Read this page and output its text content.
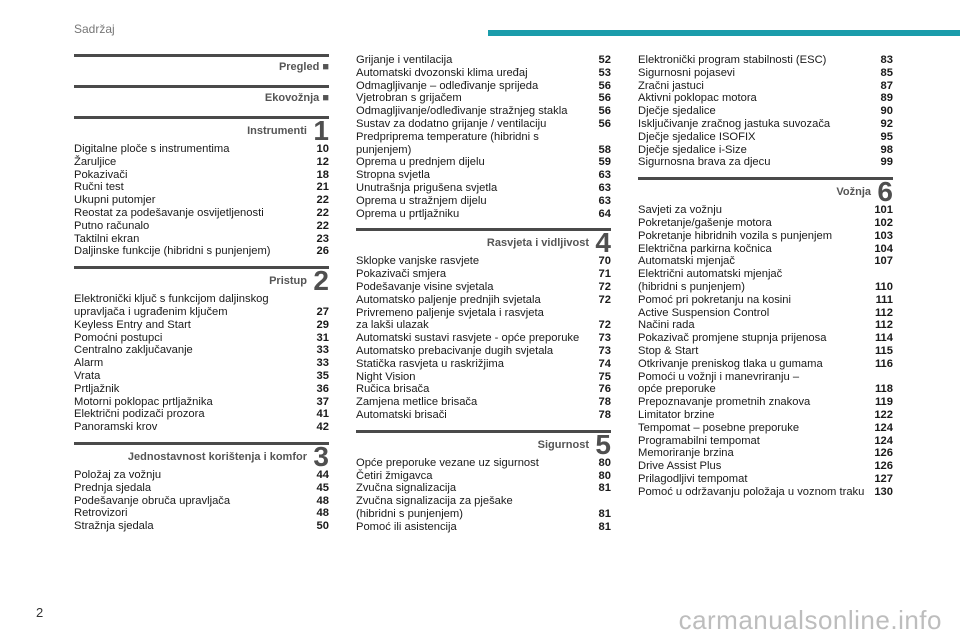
Sadržaj
Pregled ■
Ekovožnja ■
Instrumenti 1
Digitalne ploče s instrumentima	10
Žaruljice	12
Pokazivači	18
Ručni test	21
Ukupni putomjer	22
Reostat za podešavanje osvijetljenosti	22
Putno računalo	22
Taktilni ekran	23
Daljinske funkcije (hibridni s punjenjem)	26
Pristup 2
Elektronički ključ s funkcijom daljinskog
upravljača i ugrađenim ključem	27
Keyless Entry and Start	29
Pomoćni postupci	31
Centralno zaključavanje	33
Alarm	33
Vrata	35
Prtljažnik	36
Motorni poklopac prtljažnika	37
Električni podizači prozora	41
Panoramski krov	42
Jednostavnost korištenja i komfor 3
Položaj za vožnju	44
Prednja sjedala	45
Podešavanje obruča upravljača	48
Retrovizori	48
Stražnja sjedala	50
Grijanje i ventilacija	52
Automatski dvozonski klima uređaj	53
Odmagljivanje – odleđivanje sprijeda	56
Vjetrobran s grijačem	56
Odmagljivanje/odleđivanje stražnjeg stakla	56
Sustav za dodatno grijanje / ventilaciju	56
Predpriprema temperature (hibridni s punjenjem)	58
Oprema u prednjem dijelu	59
Stropna svjetla	63
Unutrašnja prigušena svjetla	63
Oprema u stražnjem dijelu	63
Oprema u prtljažniku	64
Rasvjeta i vidljivost 4
Sklopke vanjske rasvjete	70
Pokazivači smjera	71
Podešavanje visine svjetala	72
Automatsko paljenje prednjih svjetala	72
Privremeno paljenje svjetala i rasvjeta
za lakši ulazak	72
Automatski sustavi rasvjete - opće preporuke	73
Automatsko prebacivanje dugih svjetala	73
Statička rasvjeta u raskrižjima	74
Night Vision	75
Ručica brisača	76
Zamjena metlice brisača	78
Automatski brisači	78
Sigurnost 5
Opće preporuke vezane uz sigurnost	80
Četiri žmigavca	80
Zvučna signalizacija	81
Zvučna signalizacija za pješake
(hibridni s punjenjem)	81
Pomoć ili asistencija	81
Elektronički program stabilnosti (ESC)	83
Sigurnosni pojasevi	85
Zračni jastuci	87
Aktivni poklopac motora	89
Dječje sjedalice	90
Isključivanje zračnog jastuka suvozača	92
Dječje sjedalice ISOFIX	95
Dječje sjedalice i-Size	98
Sigurnosna brava za djecu	99
Vožnja 6
Savjeti za vožnju	101
Pokretanje/gašenje motora	102
Pokretanje hibridnih vozila s punjenjem	103
Električna parkirna kočnica	104
Automatski mjenjač	107
Električni automatski mjenjač
(hibridni s punjenjem)	110
Pomoć pri pokretanju na kosini	111
Active Suspension Control	112
Načini rada	112
Pokazivač promjene stupnja prijenosa	114
Stop & Start	115
Otkrivanje preniskog tlaka u gumama	116
Pomoći u vožnji i manevriranju –
opće preporuke	118
Prepoznavanje prometnih znakova	119
Limitator brzine	122
Tempomat – posebne preporuke	124
Programabilni tempomat	124
Memoriranje brzina	126
Drive Assist Plus	126
Prilagodljivi tempomat	127
Pomoć u održavanju položaja u voznom traku 130
2	carmanualsonline.info
